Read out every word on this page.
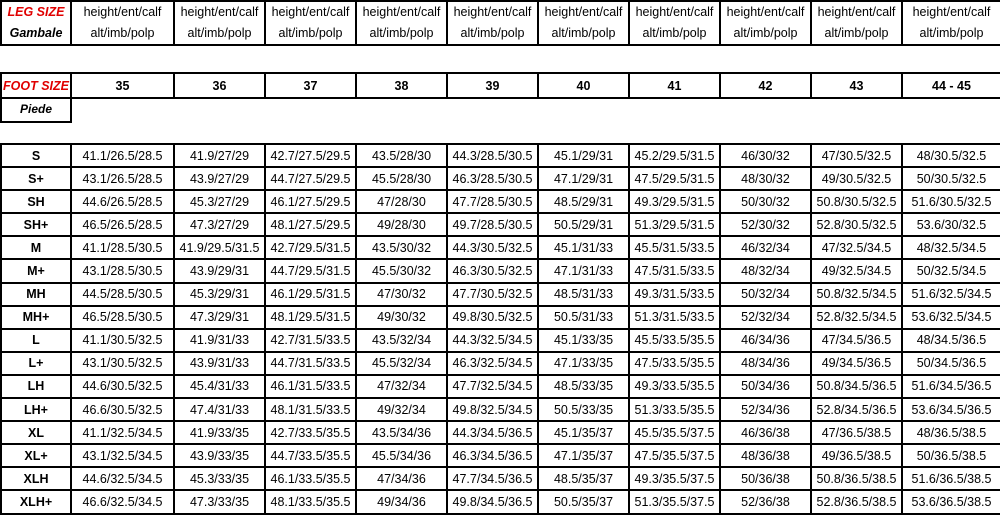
LEG SIZE	height/ent/calf	height/ent/calf	height/ent/calf	height/ent/calf	height/ent/calf	height/ent/calf	height/ent/calf	height/ent/calf	height/ent/calf	height/ent/calf
Gambale	alt/imb/polp	alt/imb/polp	alt/imb/polp	alt/imb/polp	alt/imb/polp	alt/imb/polp	alt/imb/polp	alt/imb/polp	alt/imb/polp	alt/imb/polp
FOOT SIZE	35	36	37	38	39	40	41	42	43	44 - 45
Piede
S	41.1/26.5/28.5	41.9/27/29	42.7/27.5/29.5	43.5/28/30	44.3/28.5/30.5	45.1/29/31	45.2/29.5/31.5	46/30/32	47/30.5/32.5	48/30.5/32.5
S+	43.1/26.5/28.5	43.9/27/29	44.7/27.5/29.5	45.5/28/30	46.3/28.5/30.5	47.1/29/31	47.5/29.5/31.5	48/30/32	49/30.5/32.5	50/30.5/32.5
SH	44.6/26.5/28.5	45.3/27/29	46.1/27.5/29.5	47/28/30	47.7/28.5/30.5	48.5/29/31	49.3/29.5/31.5	50/30/32	50.8/30.5/32.5	51.6/30.5/32.5
SH+	46.5/26.5/28.5	47.3/27/29	48.1/27.5/29.5	49/28/30	49.7/28.5/30.5	50.5/29/31	51.3/29.5/31.5	52/30/32	52.8/30.5/32.5	53.6/30/32.5
M	41.1/28.5/30.5	41.9/29.5/31.5	42.7/29.5/31.5	43.5/30/32	44.3/30.5/32.5	45.1/31/33	45.5/31.5/33.5	46/32/34	47/32.5/34.5	48/32.5/34.5
M+	43.1/28.5/30.5	43.9/29/31	44.7/29.5/31.5	45.5/30/32	46.3/30.5/32.5	47.1/31/33	47.5/31.5/33.5	48/32/34	49/32.5/34.5	50/32.5/34.5
MH	44.5/28.5/30.5	45.3/29/31	46.1/29.5/31.5	47/30/32	47.7/30.5/32.5	48.5/31/33	49.3/31.5/33.5	50/32/34	50.8/32.5/34.5	51.6/32.5/34.5
MH+	46.5/28.5/30.5	47.3/29/31	48.1/29.5/31.5	49/30/32	49.8/30.5/32.5	50.5/31/33	51.3/31.5/33.5	52/32/34	52.8/32.5/34.5	53.6/32.5/34.5
L	41.1/30.5/32.5	41.9/31/33	42.7/31.5/33.5	43.5/32/34	44.3/32.5/34.5	45.1/33/35	45.5/33.5/35.5	46/34/36	47/34.5/36.5	48/34.5/36.5
L+	43.1/30.5/32.5	43.9/31/33	44.7/31.5/33.5	45.5/32/34	46.3/32.5/34.5	47.1/33/35	47.5/33.5/35.5	48/34/36	49/34.5/36.5	50/34.5/36.5
LH	44.6/30.5/32.5	45.4/31/33	46.1/31.5/33.5	47/32/34	47.7/32.5/34.5	48.5/33/35	49.3/33.5/35.5	50/34/36	50.8/34.5/36.5	51.6/34.5/36.5
LH+	46.6/30.5/32.5	47.4/31/33	48.1/31.5/33.5	49/32/34	49.8/32.5/34.5	50.5/33/35	51.3/33.5/35.5	52/34/36	52.8/34.5/36.5	53.6/34.5/36.5
XL	41.1/32.5/34.5	41.9/33/35	42.7/33.5/35.5	43.5/34/36	44.3/34.5/36.5	45.1/35/37	45.5/35.5/37.5	46/36/38	47/36.5/38.5	48/36.5/38.5
XL+	43.1/32.5/34.5	43.9/33/35	44.7/33.5/35.5	45.5/34/36	46.3/34.5/36.5	47.1/35/37	47.5/35.5/37.5	48/36/38	49/36.5/38.5	50/36.5/38.5
XLH	44.6/32.5/34.5	45.3/33/35	46.1/33.5/35.5	47/34/36	47.7/34.5/36.5	48.5/35/37	49.3/35.5/37.5	50/36/38	50.8/36.5/38.5	51.6/36.5/38.5
XLH+	46.6/32.5/34.5	47.3/33/35	48.1/33.5/35.5	49/34/36	49.8/34.5/36.5	50.5/35/37	51.3/35.5/37.5	52/36/38	52.8/36.5/38.5	53.6/36.5/38.5
